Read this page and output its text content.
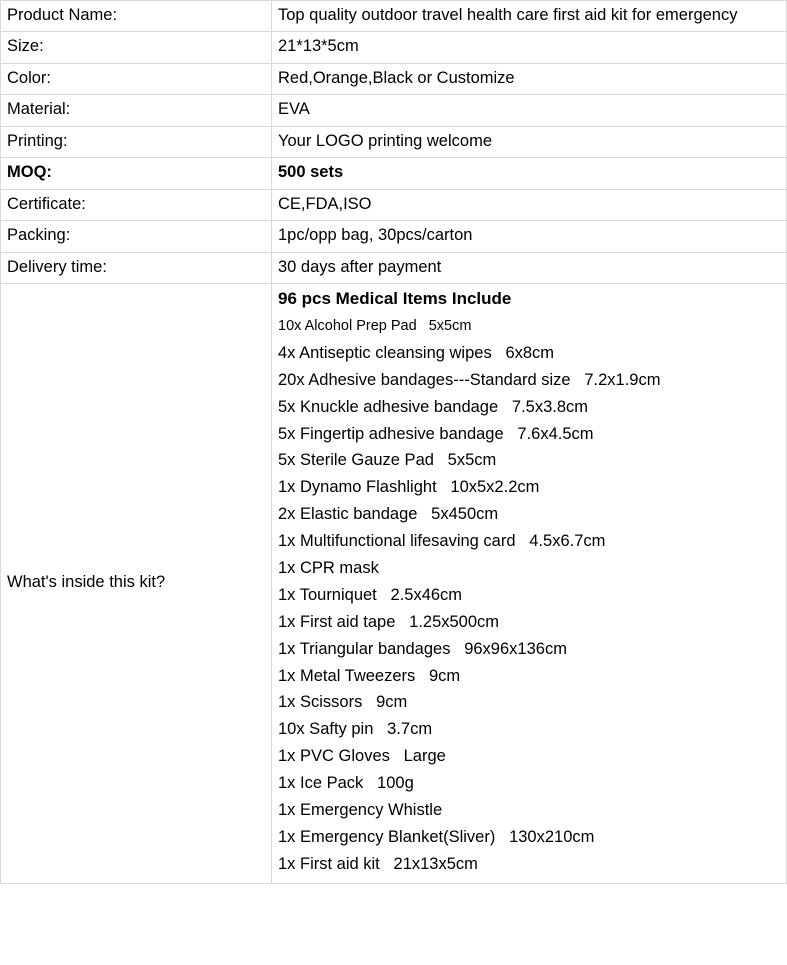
Product Name:	Top quality outdoor travel health care first aid kit for emergency
Size:	21*13*5cm
Color:	Red,Orange,Black or Customize
Material:	EVA
Printing:	Your LOGO printing welcome
MOQ:	500 sets
Certificate:	CE,FDA,ISO
Packing:	1pc/opp bag, 30pcs/carton
Delivery time:	30 days after payment
What's inside this kit?	
96 pcs Medical Items Include
10x Alcohol Prep Pad   5x5cm
4x Antiseptic cleansing wipes   6x8cm
20x Adhesive bandages---Standard size   7.2x1.9cm
5x Knuckle adhesive bandage   7.5x3.8cm
5x Fingertip adhesive bandage   7.6x4.5cm
5x Sterile Gauze Pad   5x5cm
1x Dynamo Flashlight   10x5x2.2cm
2x Elastic bandage   5x450cm
1x Multifunctional lifesaving card   4.5x6.7cm
1x CPR mask
1x Tourniquet   2.5x46cm
1x First aid tape   1.25x500cm
1x Triangular bandages   96x96x136cm
1x Metal Tweezers   9cm
1x Scissors   9cm
10x Safty pin   3.7cm
1x PVC Gloves   Large
1x Ice Pack   100g
1x Emergency Whistle
1x Emergency Blanket(Sliver)   130x210cm
1x First aid kit   21x13x5cm
